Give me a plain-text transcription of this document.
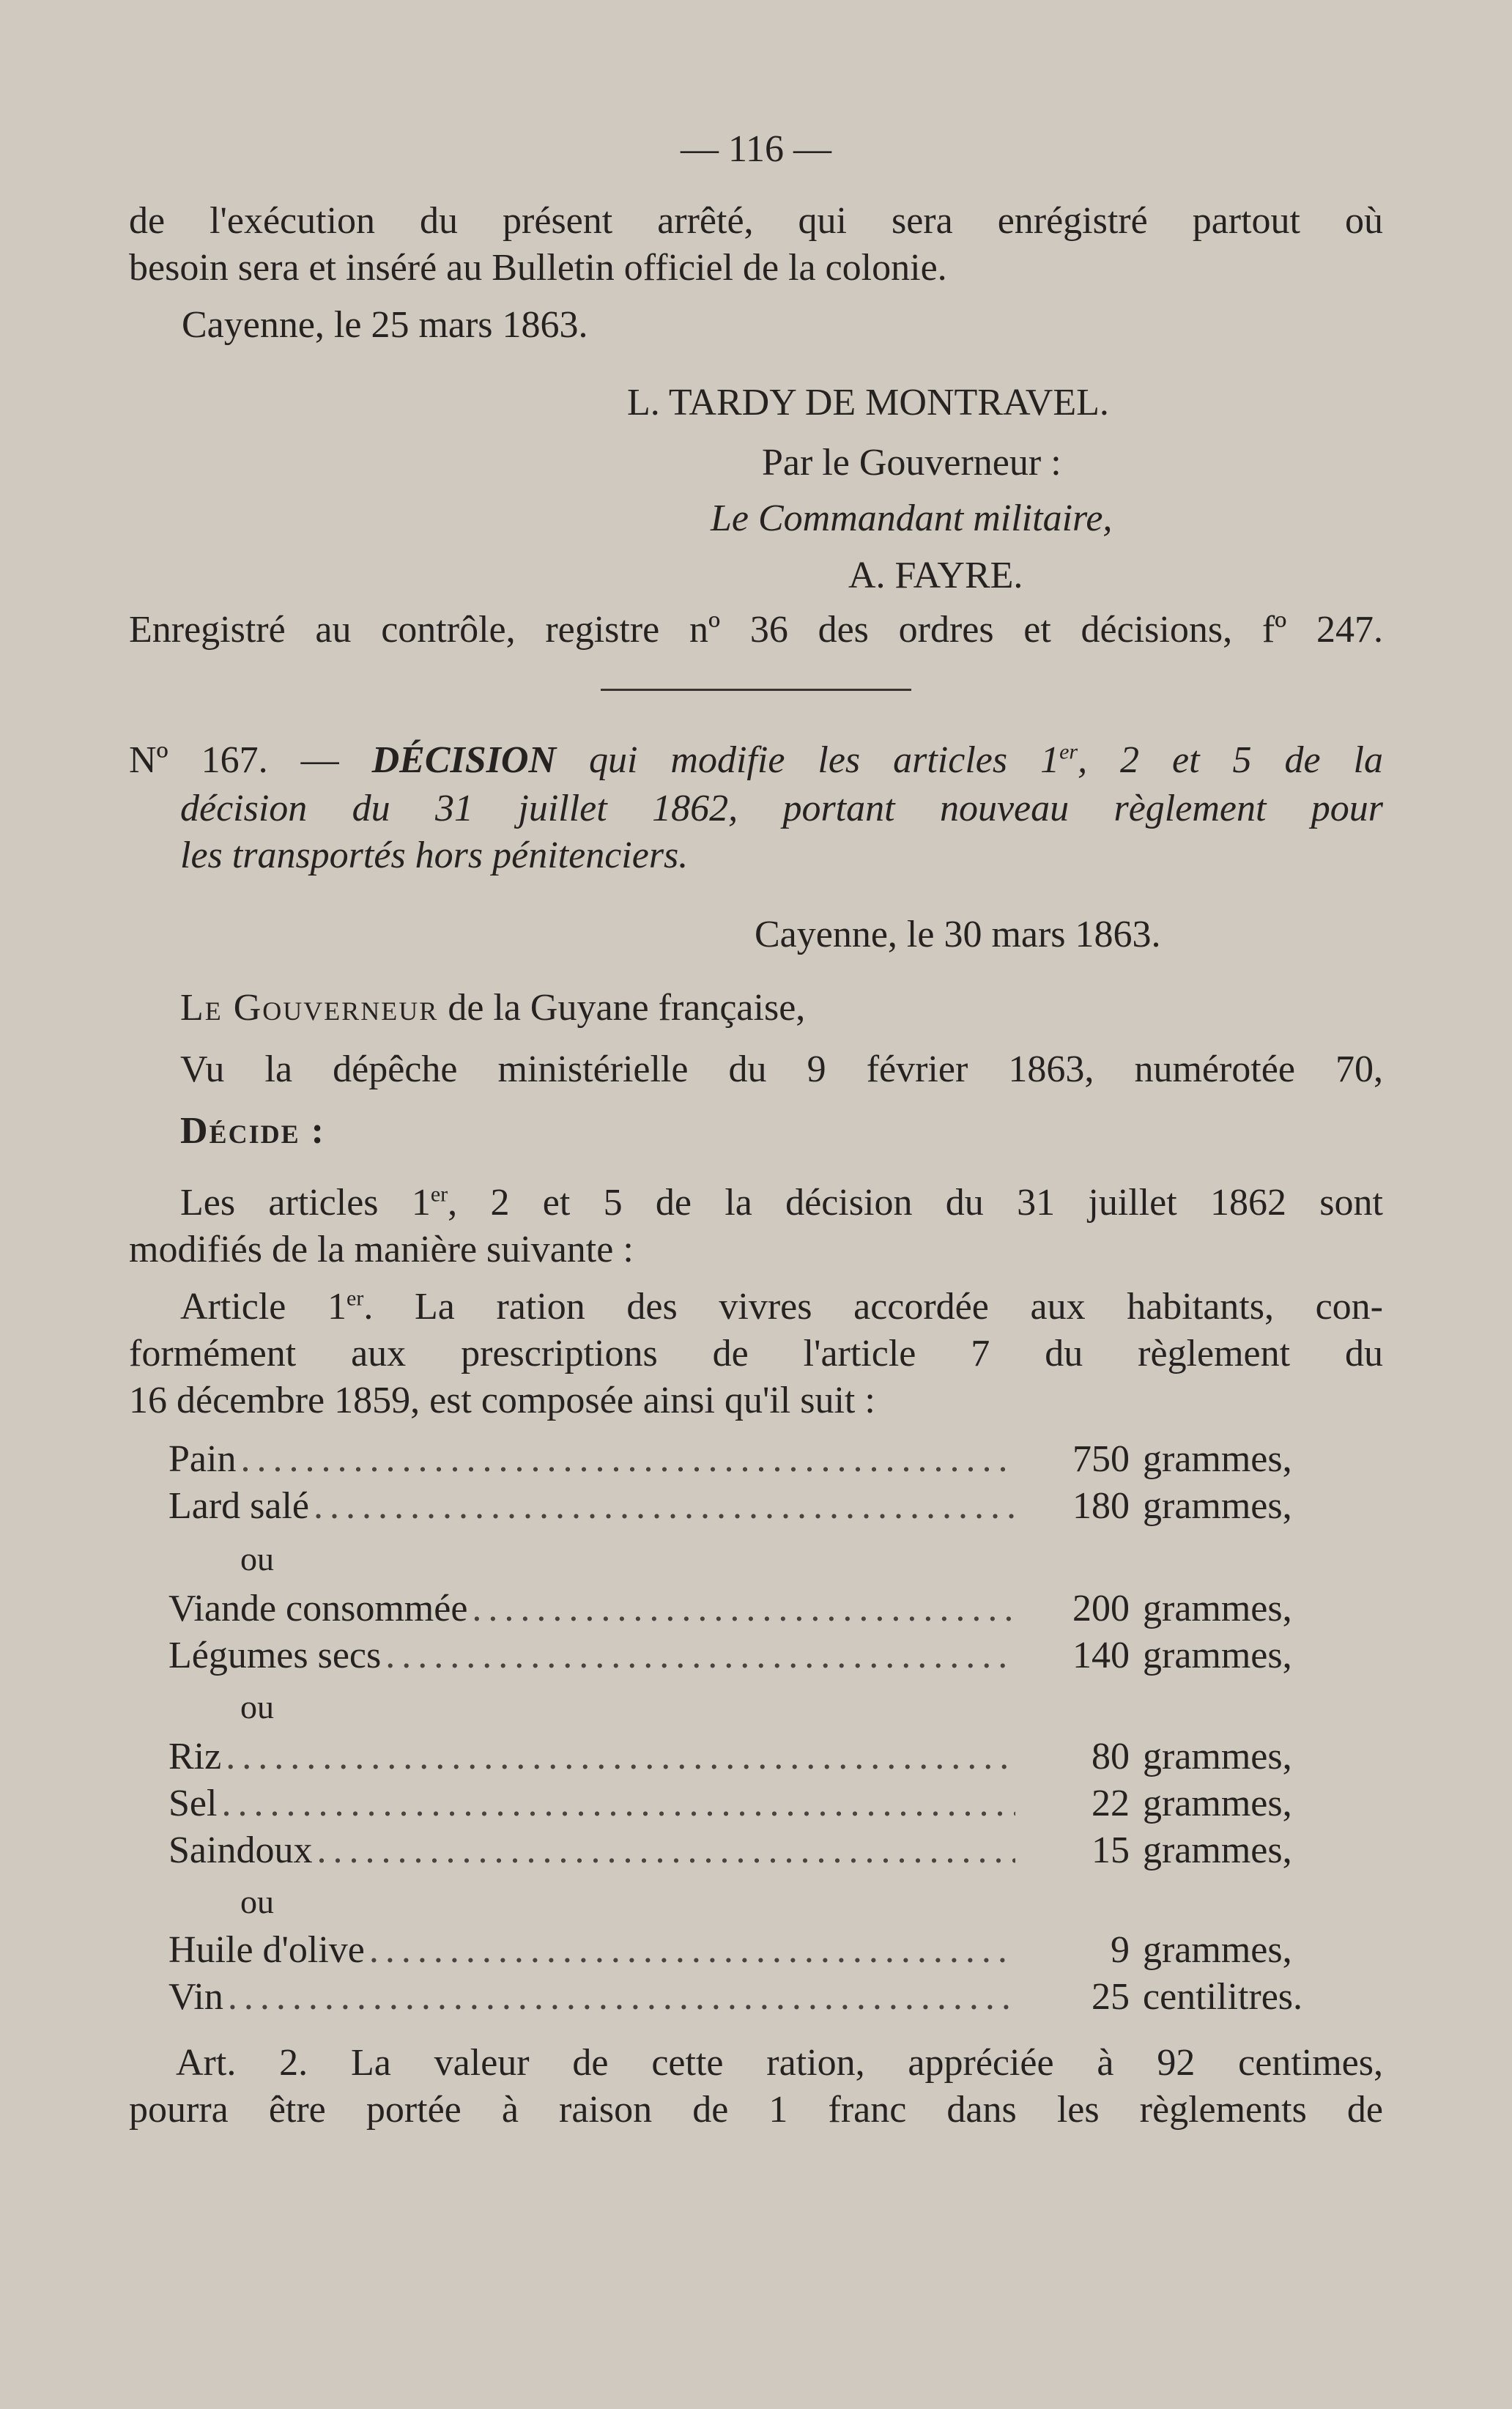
— 116 —
de l'exécution du présent arrêté, qui sera enrégistré partout où
besoin sera et inséré au Bulletin officiel de la colonie.
Cayenne, le 25 mars 1863.
L. TARDY DE MONTRAVEL.
Par le Gouverneur :
Le Commandant militaire,
A. FAYRE.
Enregistré au contrôle, registre nº 36 des ordres et décisions, fº 247.
Nº 167. — DÉCISION qui modifie les articles 1er, 2 et 5 de la
décision du 31 juillet 1862, portant nouveau règlement pour
les transportés hors pénitenciers.
Cayenne, le 30 mars 1863.
Le Gouverneur de la Guyane française,
Vu la dépêche ministérielle du 9 février 1863, numérotée 70,
Décide :
Les articles 1er, 2 et 5 de la décision du 31 juillet 1862 sont
modifiés de la manière suivante :
Article 1er. La ration des vivres accordée aux habitants, con-
formément aux prescriptions de l'article 7 du règlement du
16 décembre 1859, est composée ainsi qu'il suit :
Pain .....	750 grammes,
Lard salé .....	180 grammes,
ou
Viande consommée .....	200 grammes,
Légumes secs .....	140 grammes,
ou
Riz .....	80 grammes,
Sel .....	22 grammes,
Saindoux .....	15 grammes,
ou
Huile d'olive .....	9 grammes,
Vin .....	25 centilitres.
Art. 2. La valeur de cette ration, appréciée à 92 centimes,
pourra être portée à raison de 1 franc dans les règlements de
